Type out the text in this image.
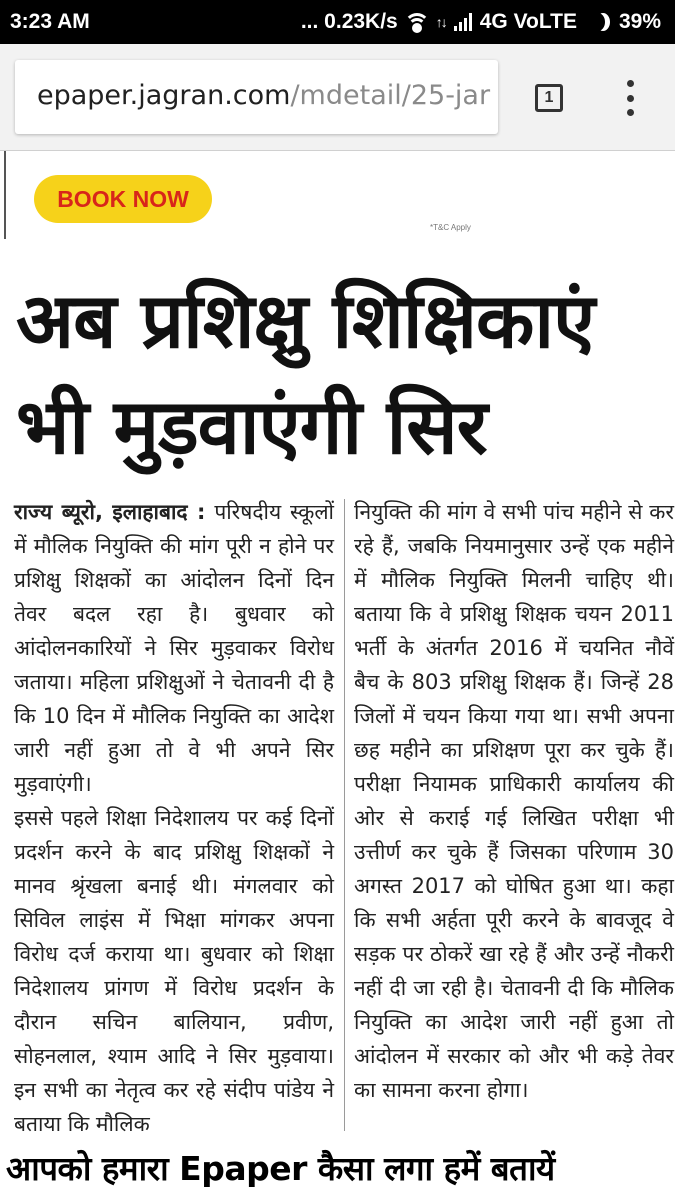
3:23 AM	... 0.23K/s	↑↓ 4G VoLTE 39%
epaper.jagran.com/mdetail/25-jar	1
BOOK NOW
*T&C Apply
अब प्रशिक्षु शिक्षिकाएं
भी मुड़वाएंगी सिर

राज्य ब्यूरो, इलाहाबाद : परिषदीय स्कूलों में मौलिक नियुक्ति की मांग पूरी न होने पर प्रशिक्षु शिक्षकों का आंदोलन दिनों दिन तेवर बदल रहा है। बुधवार को आंदोलनकारियों ने सिर मुड़वाकर विरोध जताया। महिला प्रशिक्षुओं ने चेतावनी दी है कि 10 दिन में मौलिक नियुक्ति का आदेश जारी नहीं हुआ तो वे भी अपने सिर मुड़वाएंगी।

इससे पहले शिक्षा निदेशालय पर कई दिनों प्रदर्शन करने के बाद प्रशिक्षु शिक्षकों ने मानव श्रृंखला बनाई थी। मंगलवार को सिविल लाइंस में भिक्षा मांगकर अपना विरोध दर्ज कराया था। बुधवार को शिक्षा निदेशालय प्रांगण में विरोध प्रदर्शन के दौरान सचिन बालियान, प्रवीण, सोहनलाल, श्याम आदि ने सिर मुड़वाया। इन सभी का नेतृत्व कर रहे संदीप पांडेय ने बताया कि मौलिक

नियुक्ति की मांग वे सभी पांच महीने से कर रहे हैं, जबकि नियमानुसार उन्हें एक महीने में मौलिक नियुक्ति मिलनी चाहिए थी। बताया कि वे प्रशिक्षु शिक्षक चयन 2011 भर्ती के अंतर्गत 2016 में चयनित नौवें बैच के 803 प्रशिक्षु शिक्षक हैं। जिन्हें 28 जिलों में चयन किया गया था। सभी अपना छह महीने का प्रशिक्षण पूरा कर चुके हैं। परीक्षा नियामक प्राधिकारी कार्यालय की ओर से कराई गई लिखित परीक्षा भी उत्तीर्ण कर चुके हैं जिसका परिणाम 30 अगस्त 2017 को घोषित हुआ था। कहा कि सभी अर्हता पूरी करने के बावजूद वे सड़क पर ठोकरें खा रहे हैं और उन्हें नौकरी नहीं दी जा रही है। चेतावनी दी कि मौलिक नियुक्ति का आदेश जारी नहीं हुआ तो आंदोलन में सरकार को और भी कड़े तेवर का सामना करना होगा।

आपको हमारा Epaper कैसा लगा हमें बतायें
